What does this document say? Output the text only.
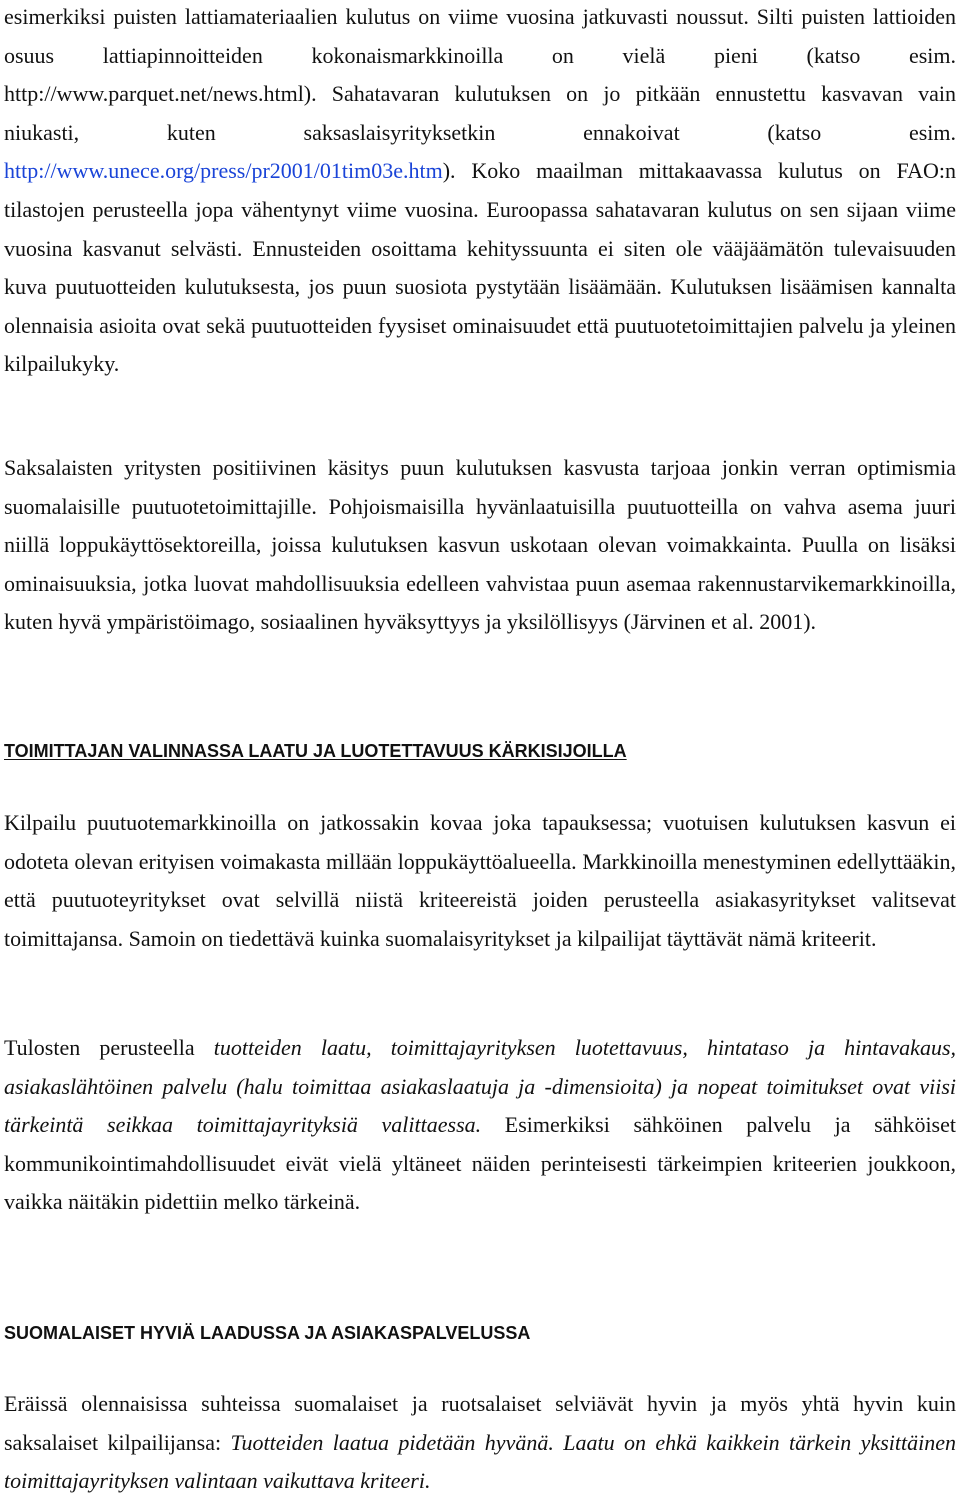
esimerkiksi puisten lattiamateriaalien kulutus on viime vuosina jatkuvasti noussut. Silti puisten lattioiden osuus lattiapinnoitteiden kokonaismarkkinoilla on vielä pieni (katso esim. http://www.parquet.net/news.html). Sahatavaran kulutuksen on jo pitkään ennustettu kasvavan vain niukasti, kuten saksaslaisyrityksetkin ennakoivat (katso esim. http://www.unece.org/press/pr2001/01tim03e.htm). Koko maailman mittakaavassa kulutus on FAO:n tilastojen perusteella jopa vähentynyt viime vuosina. Euroopassa sahatavaran kulutus on sen sijaan viime vuosina kasvanut selvästi. Ennusteiden osoittama kehityssuunta ei siten ole vääjäämätön tulevaisuuden kuva puutuotteiden kulutuksesta, jos puun suosiota pystytään lisäämään. Kulutuksen lisäämisen kannalta olennaisia asioita ovat sekä puutuotteiden fyysiset ominaisuudet että puutuotetoimittajien palvelu ja yleinen kilpailukyky.

Saksalaisten yritysten positiivinen käsitys puun kulutuksen kasvusta tarjoaa jonkin verran optimismia suomalaisille puutuotetoimittajille. Pohjoismaisilla hyvänlaatuisilla puutuotteilla on vahva asema juuri niillä loppukäyttösektoreilla, joissa kulutuksen kasvun uskotaan olevan voimakkainta. Puulla on lisäksi ominaisuuksia, jotka luovat mahdollisuuksia edelleen vahvistaa puun asemaa rakennustarvikemarkkinoilla, kuten hyvä ympäristöimago, sosiaalinen hyväksyttyys ja yksilöllisyys (Järvinen et al. 2001).

TOIMITTAJAN VALINNASSA LAATU JA LUOTETTAVUUS KÄRKISIJOILLA

Kilpailu puutuotemarkkinoilla on jatkossakin kovaa joka tapauksessa; vuotuisen kulutuksen kasvun ei odoteta olevan erityisen voimakasta millään loppukäyttöalueella. Markkinoilla menestyminen edellyttääkin, että puutuoteyritykset ovat selvillä niistä kriteereistä joiden perusteella asiakasyritykset valitsevat toimittajansa. Samoin on tiedettävä kuinka suomalaisyritykset ja kilpailijat täyttävät nämä kriteerit.

Tulosten perusteella tuotteiden laatu, toimittajayrityksen luotettavuus, hintataso ja hintavakaus, asiakaslähtöinen palvelu (halu toimittaa asiakaslaatuja ja -dimensioita) ja nopeat toimitukset ovat viisi tärkeintä seikkaa toimittajayrityksiä valittaessa. Esimerkiksi sähköinen palvelu ja sähköiset kommunikointimahdollisuudet eivät vielä yltäneet näiden perinteisesti tärkeimpien kriteerien joukkoon, vaikka näitäkin pidettiin melko tärkeinä.

SUOMALAISET HYVIÄ LAADUSSA JA ASIAKASPALVELUSSA

Eräissä olennaisissa suhteissa suomalaiset ja ruotsalaiset selviävät hyvin ja myös yhtä hyvin kuin saksalaiset kilpailijansa: Tuotteiden laatua pidetään hyvänä. Laatu on ehkä kaikkein tärkein yksittäinen toimittajayrityksen valintaan vaikuttava kriteeri.
